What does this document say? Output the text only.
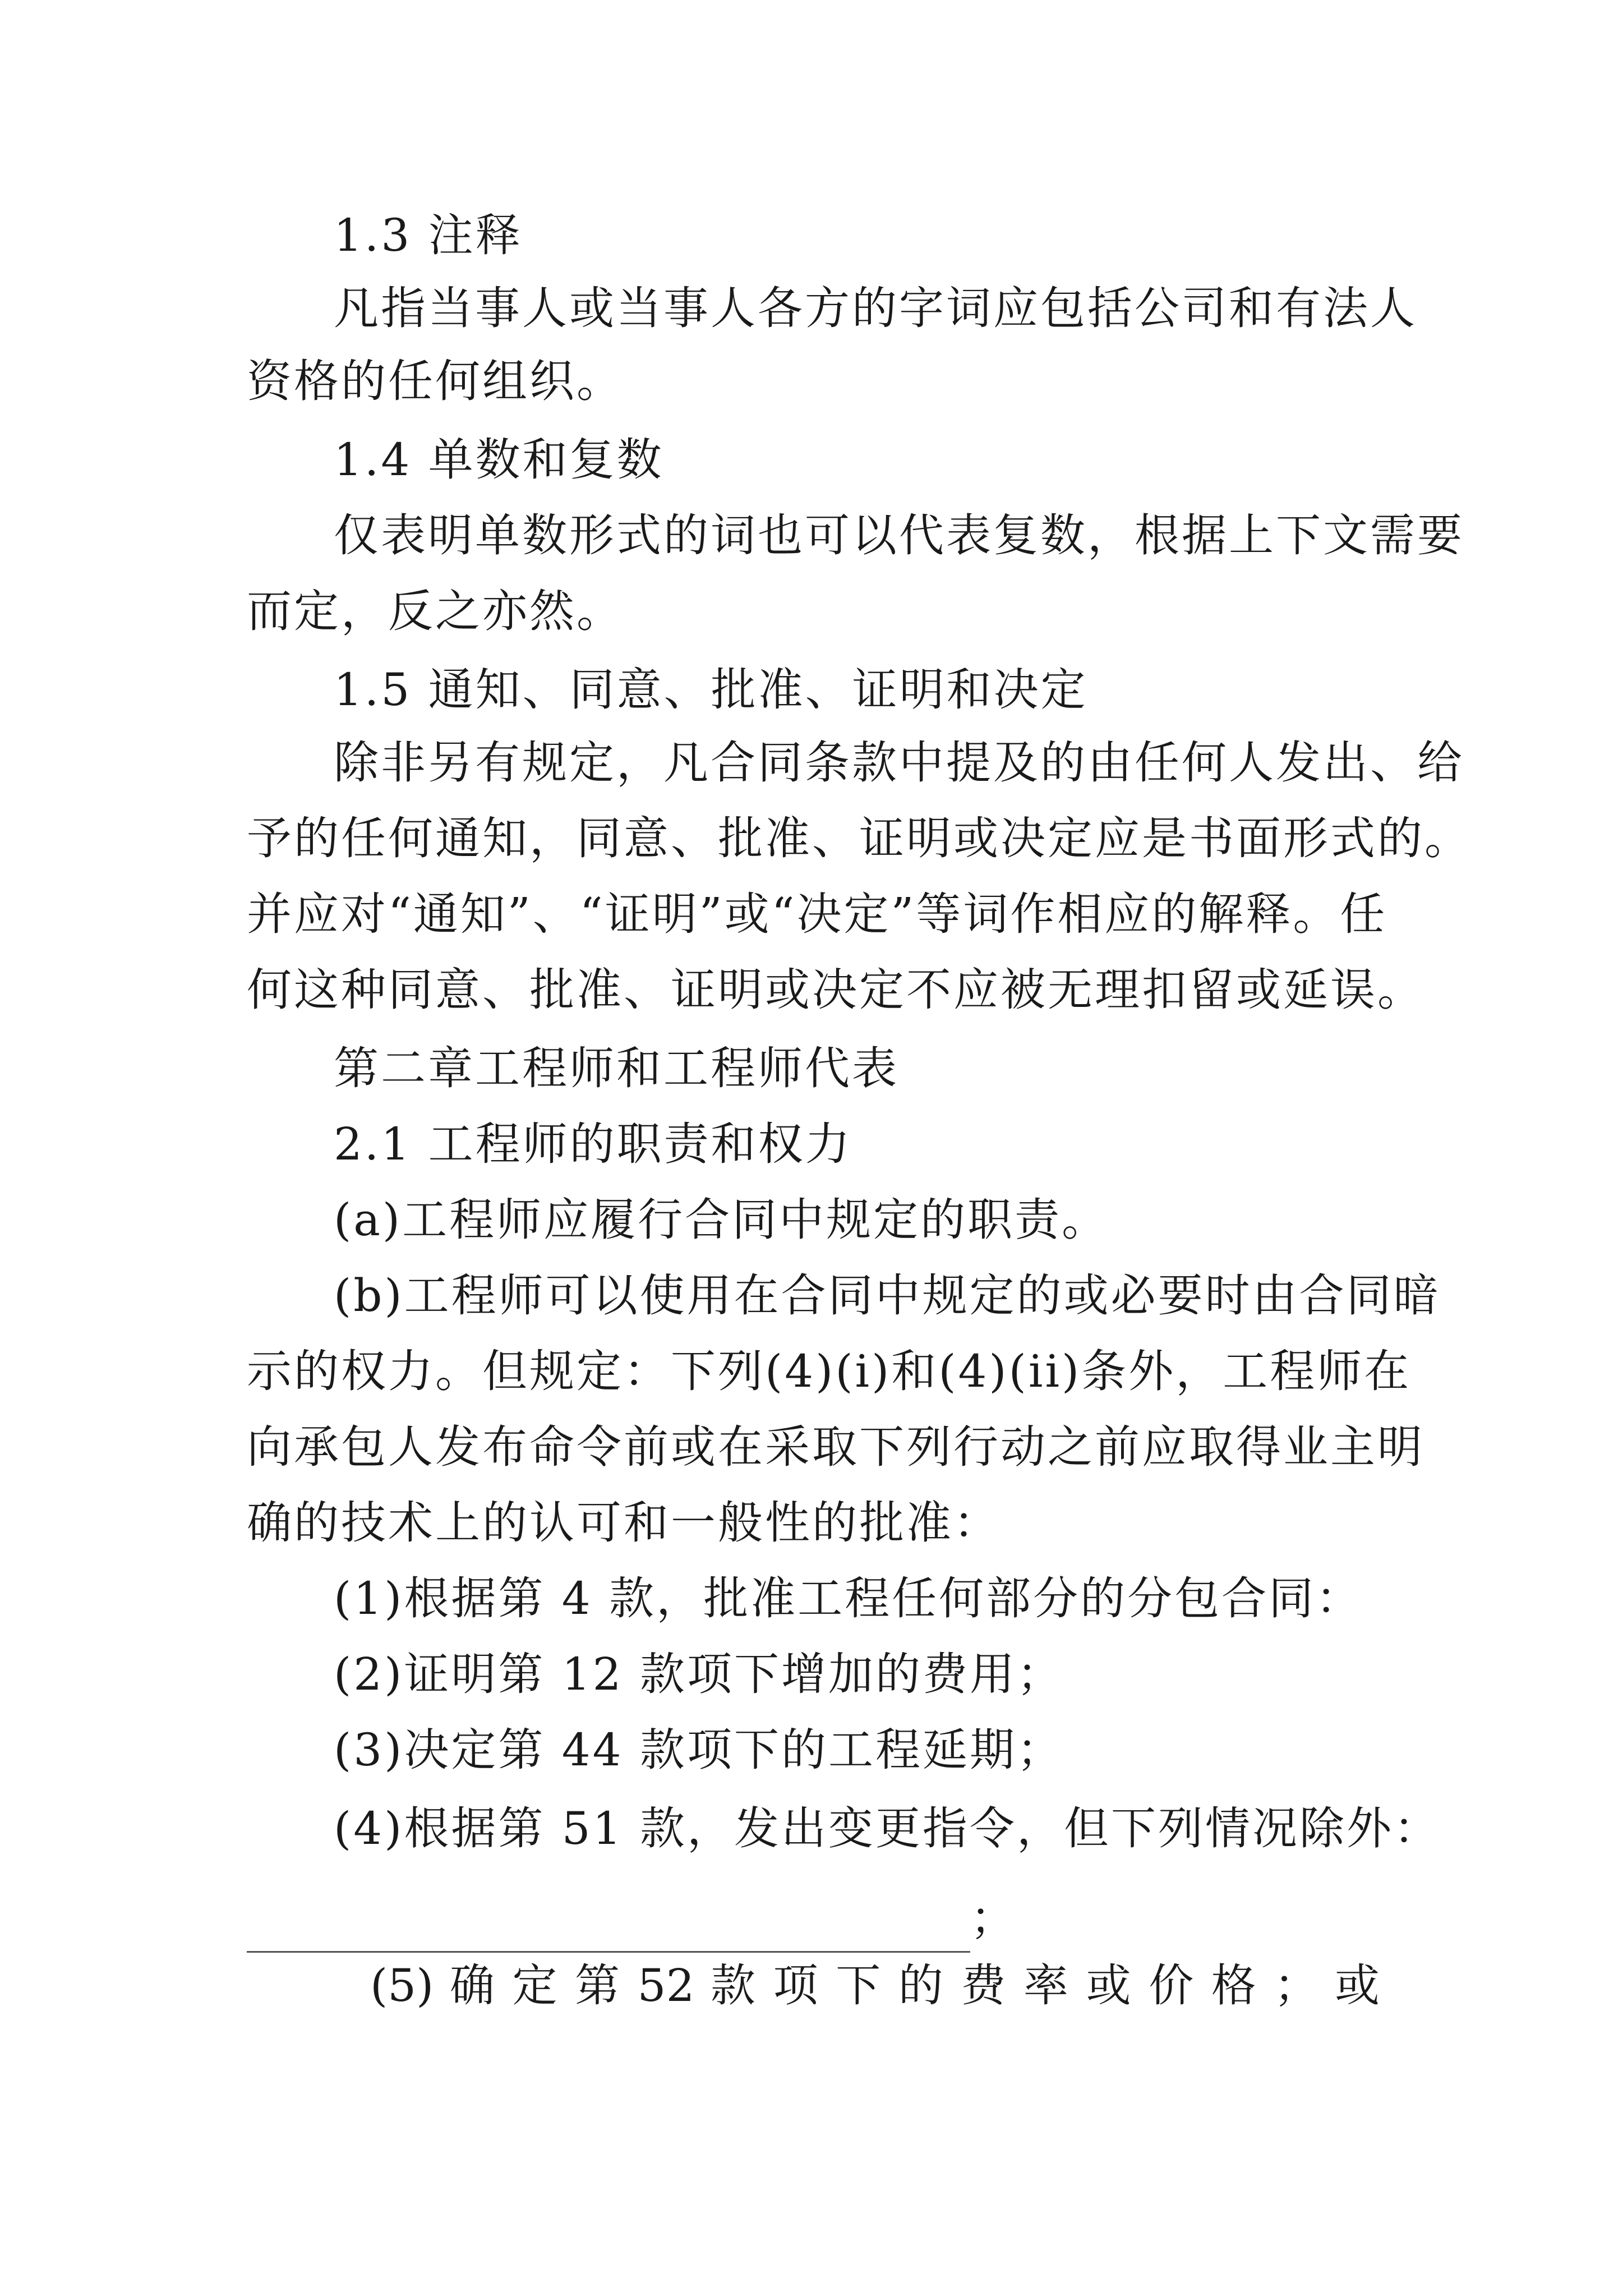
1.3 注释
凡指当事人或当事人各方的字词应包括公司和有法人
资格的任何组织。
1.4 单数和复数
仅表明单数形式的词也可以代表复数，根据上下文需要
而定，反之亦然。
1.5 通知、同意、批准、证明和决定
除非另有规定，凡合同条款中提及的由任何人发出、给
予的任何通知，同意、批准、证明或决定应是书面形式的。
并应对“通知”、“证明”或“决定”等词作相应的解释。任
何这种同意、批准、证明或决定不应被无理扣留或延误。
第二章工程师和工程师代表
2.1 工程师的职责和权力
(a)工程师应履行合同中规定的职责。
(b)工程师可以使用在合同中规定的或必要时由合同暗
示的权力。但规定：下列(4)(i)和(4)(ii)条外，工程师在
向承包人发布命令前或在采取下列行动之前应取得业主明
确的技术上的认可和一般性的批准：
(1)根据第 4 款，批准工程任何部分的分包合同：
(2)证明第 12 款项下增加的费用；
(3)决定第 44 款项下的工程延期；
(4)根据第 51 款，发出变更指令，但下列情况除外：
；
(5) 确 定 第 52 款 项 下 的 费 率 或 价 格 ； 或
